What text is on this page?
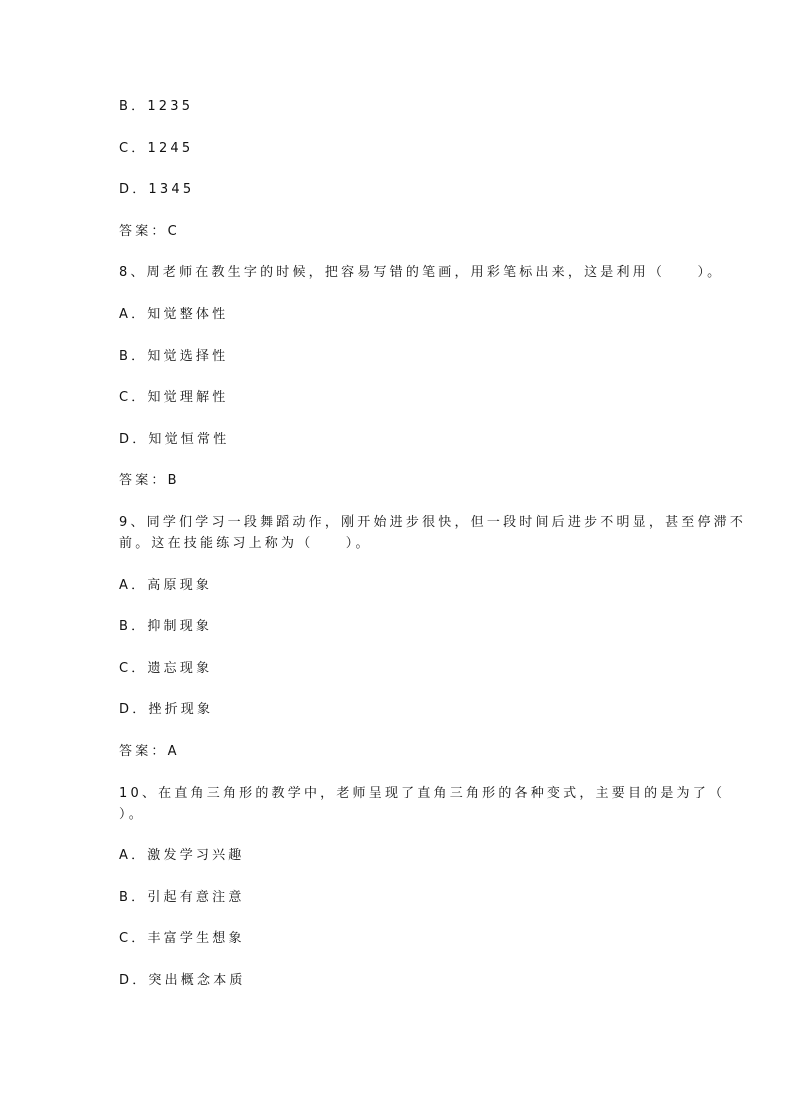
B．1235
C．1245
D．1345
答案：C
8、周老师在教生字的时候，把容易写错的笔画，用彩笔标出来，这是利用（　　）。
A．知觉整体性
B．知觉选择性
C．知觉理解性
D．知觉恒常性
答案：B
9、同学们学习一段舞蹈动作，刚开始进步很快，但一段时间后进步不明显，甚至停滞不
前。这在技能练习上称为（　　）。
A．高原现象
B．抑制现象
C．遗忘现象
D．挫折现象
答案：A
10、在直角三角形的教学中，老师呈现了直角三角形的各种变式，主要目的是为了（
）。
A．激发学习兴趣
B．引起有意注意
C．丰富学生想象
D．突出概念本质
